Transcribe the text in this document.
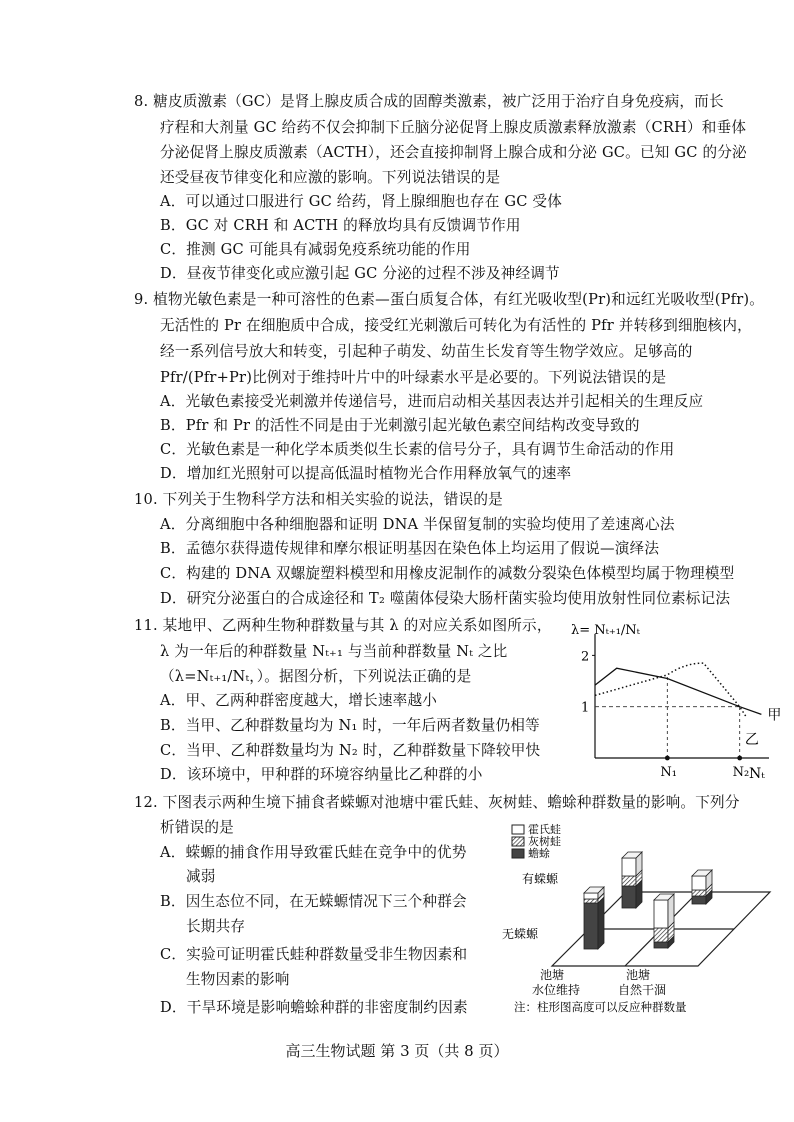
8. 糖皮质激素（GC）是肾上腺皮质合成的固醇类激素，被广泛用于治疗自身免疫病，而长
疗程和大剂量 GC 给药不仅会抑制下丘脑分泌促肾上腺皮质激素释放激素（CRH）和垂体
分泌促肾上腺皮质激素（ACTH），还会直接抑制肾上腺合成和分泌 GC。已知 GC 的分泌
还受昼夜节律变化和应激的影响。下列说法错误的是
A．可以通过口服进行 GC 给药，肾上腺细胞也存在 GC 受体
B．GC 对 CRH 和 ACTH 的释放均具有反馈调节作用
C．推测 GC 可能具有减弱免疫系统功能的作用
D．昼夜节律变化或应激引起 GC 分泌的过程不涉及神经调节
9. 植物光敏色素是一种可溶性的色素—蛋白质复合体，有红光吸收型(Pr)和远红光吸收型(Pfr)。
无活性的 Pr 在细胞质中合成，接受红光刺激后可转化为有活性的 Pfr 并转移到细胞核内，
经一系列信号放大和转变，引起种子萌发、幼苗生长发育等生物学效应。足够高的
Pfr/(Pfr+Pr)比例对于维持叶片中的叶绿素水平是必要的。下列说法错误的是
A．光敏色素接受光刺激并传递信号，进而启动相关基因表达并引起相关的生理反应
B．Pfr 和 Pr 的活性不同是由于光刺激引起光敏色素空间结构改变导致的
C．光敏色素是一种化学本质类似生长素的信号分子，具有调节生命活动的作用
D．增加红光照射可以提高低温时植物光合作用释放氧气的速率
10. 下列关于生物科学方法和相关实验的说法，错误的是
A．分离细胞中各种细胞器和证明 DNA 半保留复制的实验均使用了差速离心法
B．孟德尔获得遗传规律和摩尔根证明基因在染色体上均运用了假说—演绎法
C．构建的 DNA 双螺旋塑料模型和用橡皮泥制作的减数分裂染色体模型均属于物理模型
D．研究分泌蛋白的合成途径和 T₂ 噬菌体侵染大肠杆菌实验均使用放射性同位素标记法
11. 某地甲、乙两种生物种群数量与其 λ 的对应关系如图所示，
λ 为一年后的种群数量 Nₜ₊₁ 与当前种群数量 Nₜ 之比
（λ=Nₜ₊₁/Nₜ，）。据图分析，下列说法正确的是
A．甲、乙两种群密度越大，增长速率越小
B．当甲、乙种群数量均为 N₁ 时，一年后两者数量仍相等
C．当甲、乙种群数量均为 N₂ 时，乙种群数量下降较甲快
D．该环境中，甲种群的环境容纳量比乙种群的小
λ= Nₜ₊₁/Nₜ
Nₜ
1
2
N₁	N₂
甲
乙
12. 下图表示两种生境下捕食者蝾螈对池塘中霍氏蛙、灰树蛙、蟾蜍种群数量的影响。下列分
析错误的是
A．蝾螈的捕食作用导致霍氏蛙在竞争中的优势
减弱
B．因生态位不同，在无蝾螈情况下三个种群会
长期共存
C．实验可证明霍氏蛙种群数量受非生物因素和
生物因素的影响
D．干旱环境是影响蟾蜍种群的非密度制约因素
霍氏蛙
灰树蛙
蟾蜍
有蝾螈
无蝾螈
池塘
水位维持
池塘
自然干涸
注：柱形图高度可以反应种群数量
高三生物试题 第 3 页（共 8 页）
